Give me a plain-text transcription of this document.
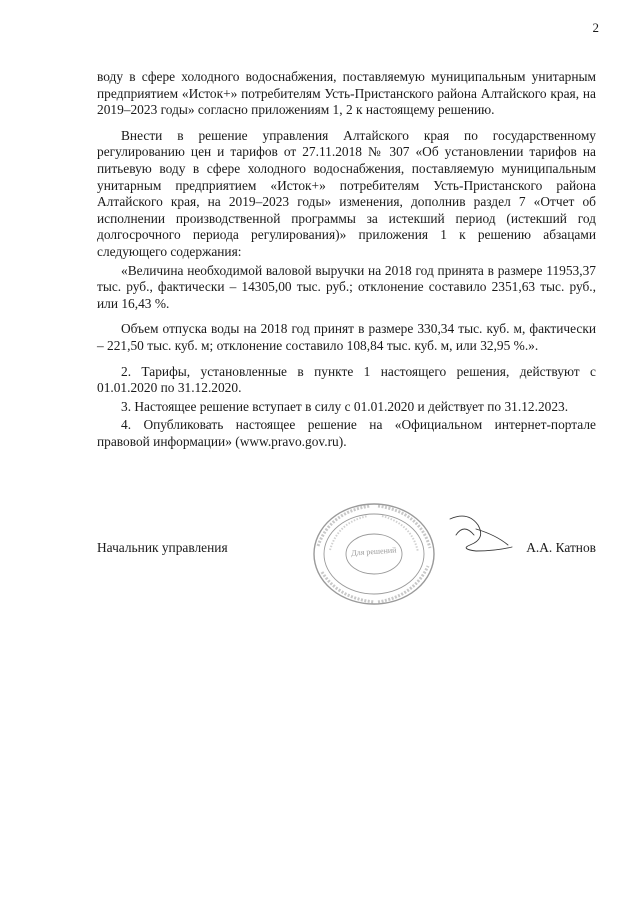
2

воду в сфере холодного водоснабжения, поставляемую муниципальным унитарным предприятием «Исток+» потребителям Усть-Пристанского района Алтайского края, на 2019–2023 годы» согласно приложениям 1, 2 к настоящему решению.

Внести в решение управления Алтайского края по государственному регулированию цен и тарифов от 27.11.2018 № 307 «Об установлении тарифов на питьевую воду в сфере холодного водоснабжения, поставляемую муниципальным унитарным предприятием «Исток+» потребителям Усть-Пристанского района Алтайского края, на 2019–2023 годы» изменения, дополнив раздел 7 «Отчет об исполнении производственной программы за истекший период (истекший год долгосрочного периода регулирования)» приложения 1 к решению абзацами следующего содержания:

«Величина необходимой валовой выручки на 2018 год принята в размере 11953,37 тыс. руб., фактически – 14305,00 тыс. руб.; отклонение составило 2351,63 тыс. руб., или 16,43 %.

Объем отпуска воды на 2018 год принят в размере 330,34 тыс. куб. м, фактически – 221,50 тыс. куб. м; отклонение составило 108,84 тыс. куб. м, или 32,95 %.».

2. Тарифы, установленные в пункте 1 настоящего решения, действуют с 01.01.2020 по 31.12.2020.

3. Настоящее решение вступает в силу с 01.01.2020 и действует по 31.12.2023.

4. Опубликовать настоящее решение на «Официальном интернет-портале правовой информации» (www.pravo.gov.ru).

Для решений
Начальник управления	А.А. Катнов
